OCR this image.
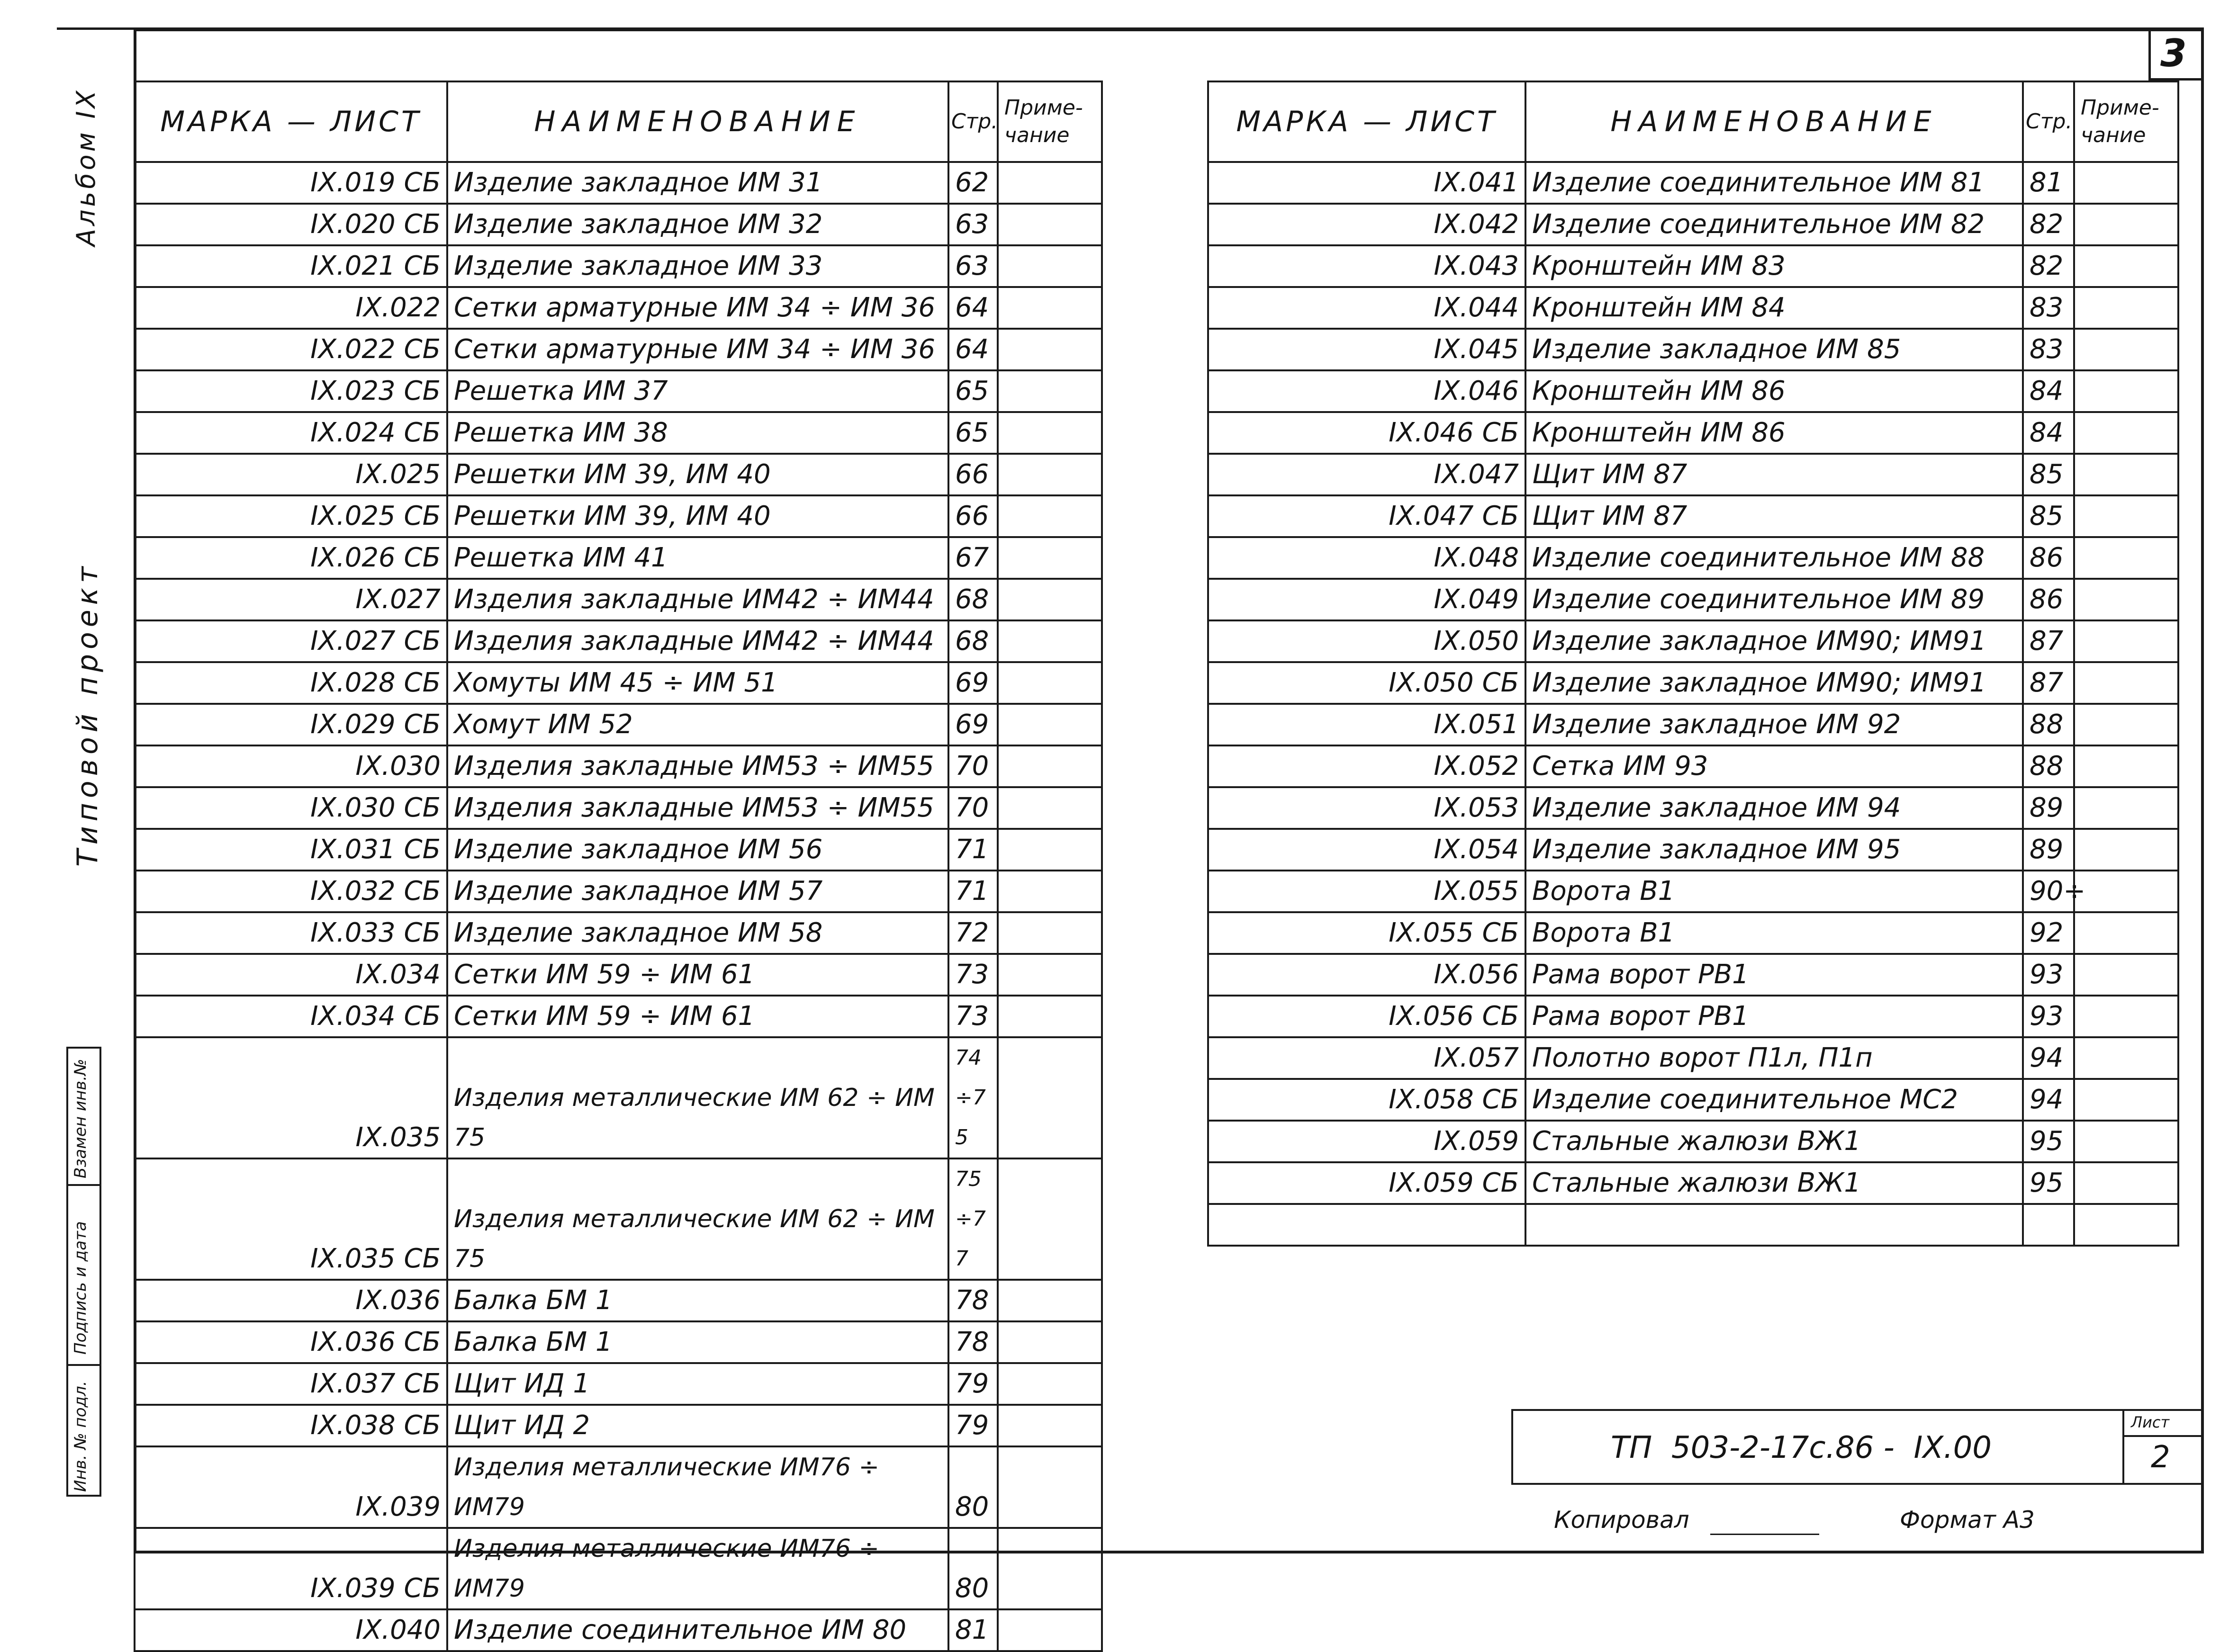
3
Альбом IX
Типовой проект
Взамен инв.№
Подпись и дата
Инв. № подл.
МАРКА — ЛИСТ	НАИМЕНОВАНИЕ	Стр.	Приме-чание
IX.019 СБ	Изделие закладное ИМ 31	62	
IX.020 СБ	Изделие закладное ИМ 32	63	
IX.021 СБ	Изделие закладное ИМ 33	63	
IX.022	Сетки арматурные ИМ 34 ÷ ИМ 36	64	
IX.022 СБ	Сетки арматурные ИМ 34 ÷ ИМ 36	64	
IX.023 СБ	Решетка ИМ 37	65	
IX.024 СБ	Решетка ИМ 38	65	
IX.025	Решетки ИМ 39, ИМ 40	66	
IX.025 СБ	Решетки ИМ 39, ИМ 40	66	
IX.026 СБ	Решетка ИМ 41	67	
IX.027	Изделия закладные ИМ42 ÷ ИМ44	68	
IX.027 СБ	Изделия закладные ИМ42 ÷ ИМ44	68	
IX.028 СБ	Хомуты ИМ 45 ÷ ИМ 51	69	
IX.029 СБ	Хомут ИМ 52	69	
IX.030	Изделия закладные ИМ53 ÷ ИМ55	70	
IX.030 СБ	Изделия закладные ИМ53 ÷ ИМ55	70	
IX.031 СБ	Изделие закладное ИМ 56	71	
IX.032 СБ	Изделие закладное ИМ 57	71	
IX.033 СБ	Изделие закладное ИМ 58	72	
IX.034	Сетки ИМ 59 ÷ ИМ 61	73	
IX.034 СБ	Сетки ИМ 59 ÷ ИМ 61	73	
IX.035	Изделия металлические ИМ 62 ÷ ИМ 75	74÷75	
IX.035 СБ	Изделия металлические ИМ 62 ÷ ИМ 75	75÷77	
IX.036	Балка БМ 1	78	
IX.036 СБ	Балка БМ 1	78	
IX.037 СБ	Щит ИД 1	79	
IX.038 СБ	Щит ИД 2	79	
IX.039	Изделия металлические ИМ76 ÷ ИМ79	80	
IX.039 СБ	Изделия металлические ИМ76 ÷ ИМ79	80	
IX.040	Изделие соединительное ИМ 80	81	
МАРКА — ЛИСТ	НАИМЕНОВАНИЕ	Стр.	Приме-чание
IX.041	Изделие соединительное ИМ 81	81	
IX.042	Изделие соединительное ИМ 82	82	
IX.043	Кронштейн ИМ 83	82	
IX.044	Кронштейн ИМ 84	83	
IX.045	Изделие закладное ИМ 85	83	
IX.046	Кронштейн ИМ 86	84	
IX.046 СБ	Кронштейн ИМ 86	84	
IX.047	Щит ИМ 87	85	
IX.047 СБ	Щит ИМ 87	85	
IX.048	Изделие соединительное ИМ 88	86	
IX.049	Изделие соединительное ИМ 89	86	
IX.050	Изделие закладное ИМ90; ИМ91	87	
IX.050 СБ	Изделие закладное ИМ90; ИМ91	87	
IX.051	Изделие закладное ИМ 92	88	
IX.052	Сетка ИМ 93	88	
IX.053	Изделие закладное ИМ 94	89	
IX.054	Изделие закладное ИМ 95	89	
IX.055	Ворота В1	90÷	
IX.055 СБ	Ворота В1	92	
IX.056	Рама ворот РВ1	93	
IX.056 СБ	Рама ворот РВ1	93	
IX.057	Полотно ворот П1л, П1п	94	
IX.058 СБ	Изделие соединительное МС2	94	
IX.059	Стальные жалюзи ВЖ1	95	
IX.059 СБ	Стальные жалюзи ВЖ1	95	

ТП  503-2-17с.86 -  IX.00
Лист
2
Копировал	Формат А3
